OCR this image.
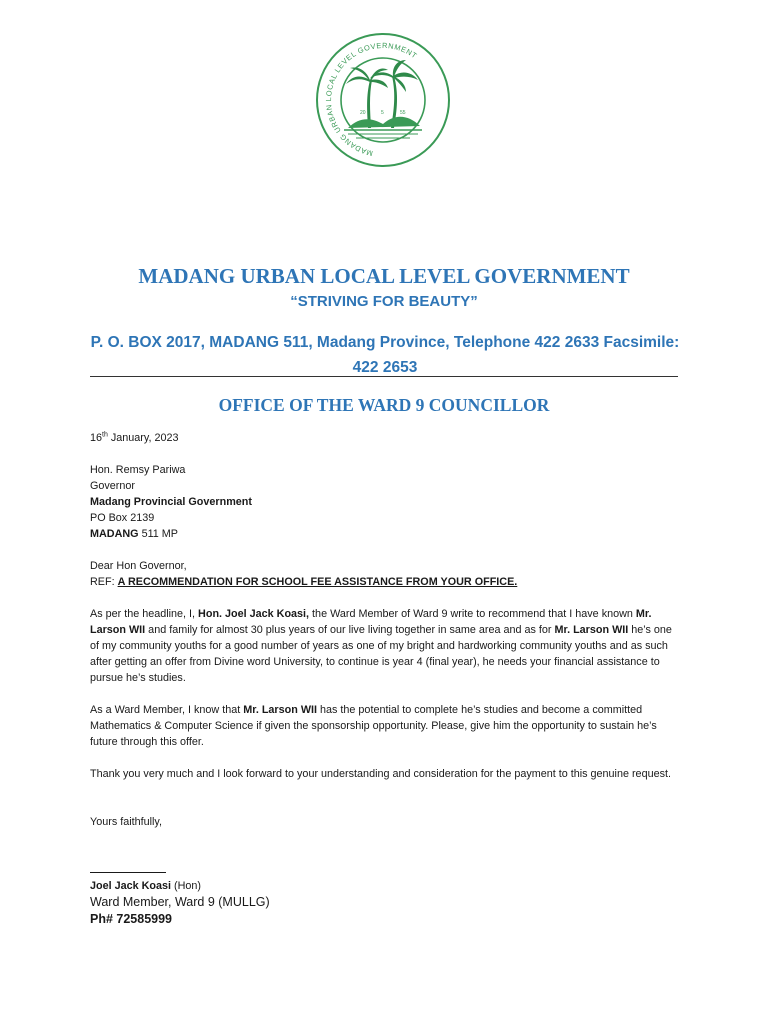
MADANG URBAN LOCAL LEVEL GOVERNMENT
20	5	55
MADANG URBAN LOCAL LEVEL GOVERNMENT
“STRIVING FOR BEAUTY”
P. O. BOX 2017, MADANG 511, Madang Province, Telephone 422 2633 Facsimile:
422 2653
OFFICE OF THE WARD 9 COUNCILLOR

16th January, 2023

Hon. Remsy Pariwa

Governor

Madang Provincial Government

PO Box 2139

MADANG 511 MP

Dear Hon Governor,

REF: A RECOMMENDATION FOR SCHOOL FEE ASSISTANCE FROM YOUR OFFICE.

As per the headline, I, Hon. Joel Jack Koasi, the Ward Member of Ward 9 write to recommend that I have known Mr. Larson WII and family for almost 30 plus years of our live living together in same area and as for Mr. Larson WII he’s one of my community youths for a good number of years as one of my bright and hardworking community youths and as such after getting an offer from Divine word University, to continue is year 4 (final year), he needs your financial assistance to pursue he’s studies.

As a Ward Member, I know that Mr. Larson WII has the potential to complete he’s studies and become a committed Mathematics & Computer Science if given the sponsorship opportunity. Please, give him the opportunity to sustain he’s future through this offer.

Thank you very much and I look forward to your understanding and consideration for the payment to this genuine request.

Yours faithfully,

Joel Jack Koasi (Hon)

Ward Member, Ward 9 (MULLG)

Ph# 72585999
